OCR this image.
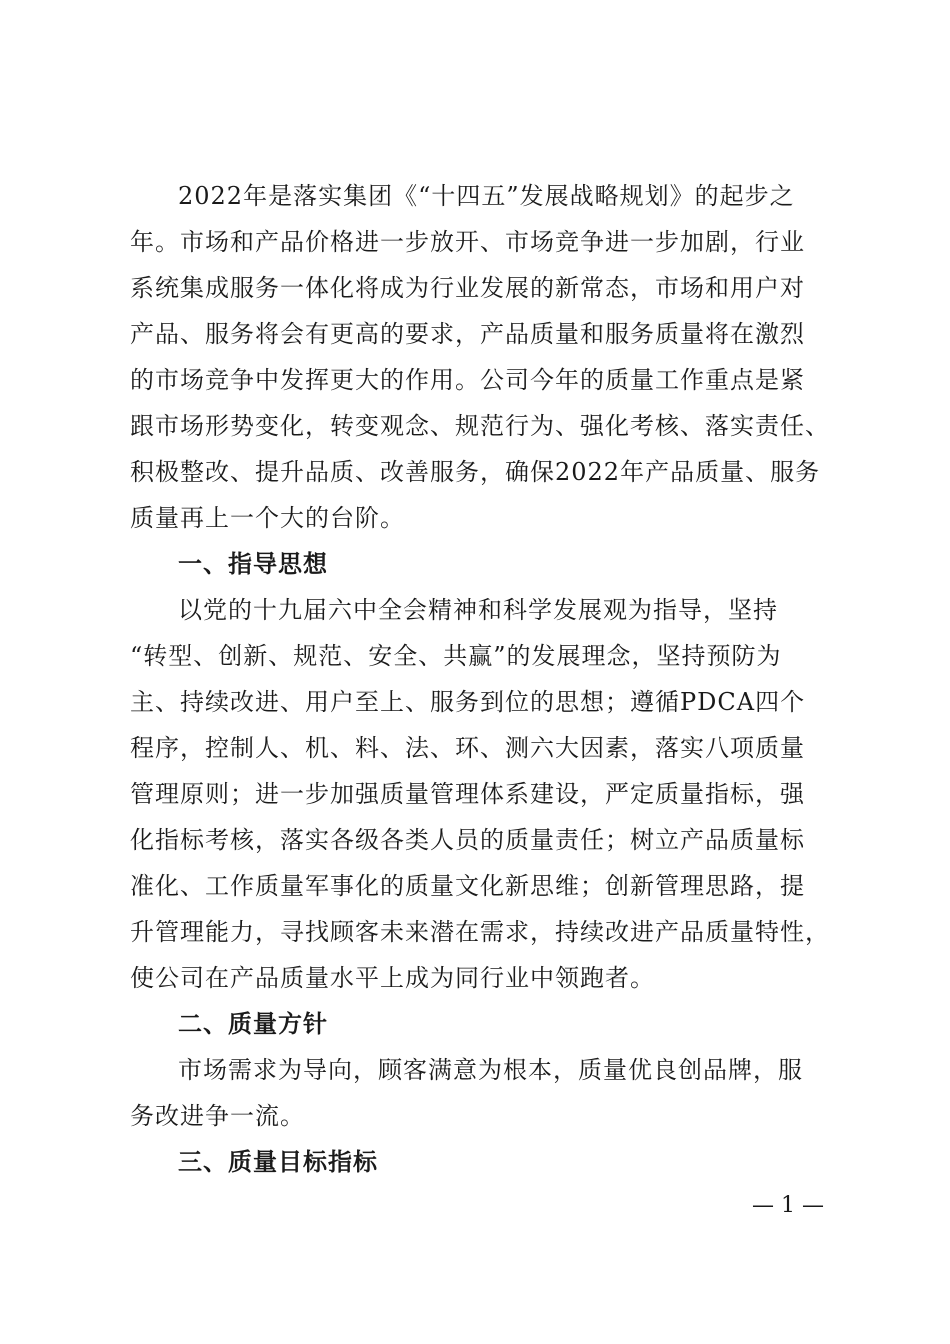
2022年是落实集团《“十四五”发展战略规划》的起步之
年。市场和产品价格进一步放开、市场竞争进一步加剧，行业
系统集成服务一体化将成为行业发展的新常态，市场和用户对
产品、服务将会有更高的要求，产品质量和服务质量将在激烈
的市场竞争中发挥更大的作用。公司今年的质量工作重点是紧
跟市场形势变化，转变观念、规范行为、强化考核、落实责任、
积极整改、提升品质、改善服务，确保2022年产品质量、服务
质量再上一个大的台阶。
一、指导思想
以党的十九届六中全会精神和科学发展观为指导，坚持
“转型、创新、规范、安全、共赢”的发展理念，坚持预防为
主、持续改进、用户至上、服务到位的思想；遵循PDCA四个
程序，控制人、机、料、法、环、测六大因素，落实八项质量
管理原则；进一步加强质量管理体系建设，严定质量指标，强
化指标考核，落实各级各类人员的质量责任；树立产品质量标
准化、工作质量军事化的质量文化新思维；创新管理思路，提
升管理能力，寻找顾客未来潜在需求，持续改进产品质量特性，
使公司在产品质量水平上成为同行业中领跑者。
二、质量方针
市场需求为导向，顾客满意为根本，质量优良创品牌，服
务改进争一流。
三、质量目标指标
— 1 —
